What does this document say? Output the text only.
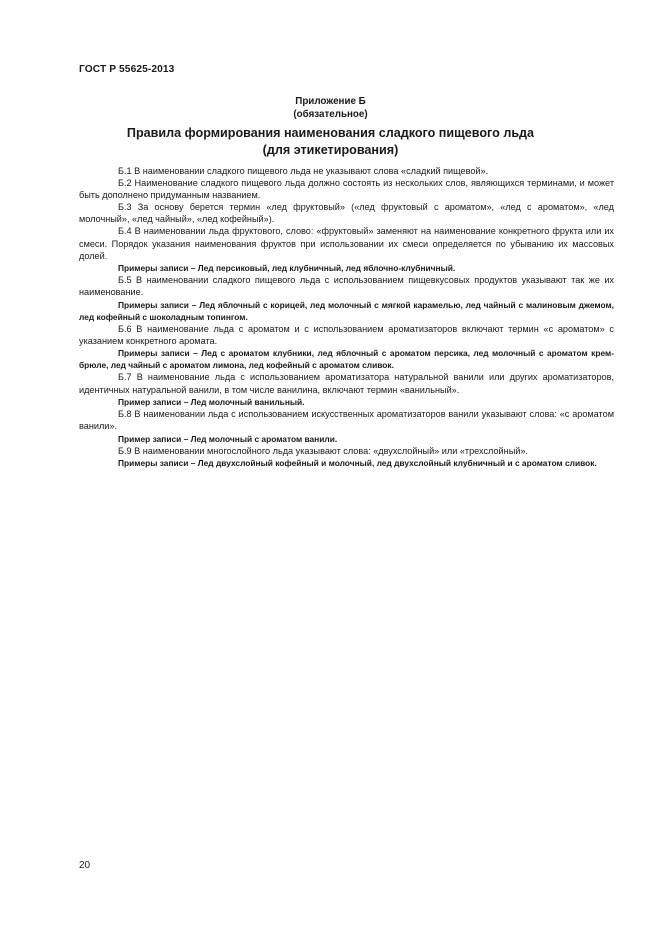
ГОСТ Р 55625-2013
Приложение Б
(обязательное)
Правила формирования наименования сладкого пищевого льда
(для этикетирования)

Б.1 В наименовании сладкого пищевого льда не указывают слова «сладкий пищевой».

Б.2 Наименование сладкого пищевого льда должно состоять из нескольких слов, являющихся терминами, и может быть дополнено придуманным названием.

Б.3 За основу берется термин «лед фруктовый» («лед фруктовый с ароматом», «лед с ароматом», «лед молочный», «лед чайный», «лед кофейный»).

Б.4 В наименовании льда фруктового, слово: «фруктовый» заменяют на наименование конкретного фрукта или их смеси. Порядок указания наименования фруктов при использовании их смеси определяется по убыванию их массовых долей.

Примеры записи – Лед персиковый, лед клубничный, лед яблочно-клубничный.

Б.5 В наименовании сладкого пищевого льда с использованием пищевкусовых продуктов указывают так же их наименование.

Примеры записи – Лед яблочный с корицей, лед молочный с мягкой карамелью, лед чайный с малиновым джемом, лед кофейный с шоколадным топингом.

Б.6 В наименование льда с ароматом и с использованием ароматизаторов включают термин «с ароматом» с указанием конкретного аромата.

Примеры записи – Лед с ароматом клубники, лед яблочный с ароматом персика, лед молочный с ароматом крем-брюле, лед чайный с ароматом лимона, лед кофейный с ароматом сливок.

Б.7 В наименование льда с использованием ароматизатора натуральной ванили или других ароматизаторов, идентичных натуральной ванили, в том числе ванилина, включают термин «ванильный».

Пример записи – Лед молочный ванильный.

Б.8 В наименовании льда с использованием искусственных ароматизаторов ванили указывают слова: «с ароматом ванили».

Пример записи – Лед молочный с ароматом ванили.

Б.9 В наименовании многослойного льда указывают слова: «двухслойный» или «трехслойный».

Примеры записи – Лед двухслойный кофейный и молочный, лед двухслойный клубничный и с ароматом сливок.

20
